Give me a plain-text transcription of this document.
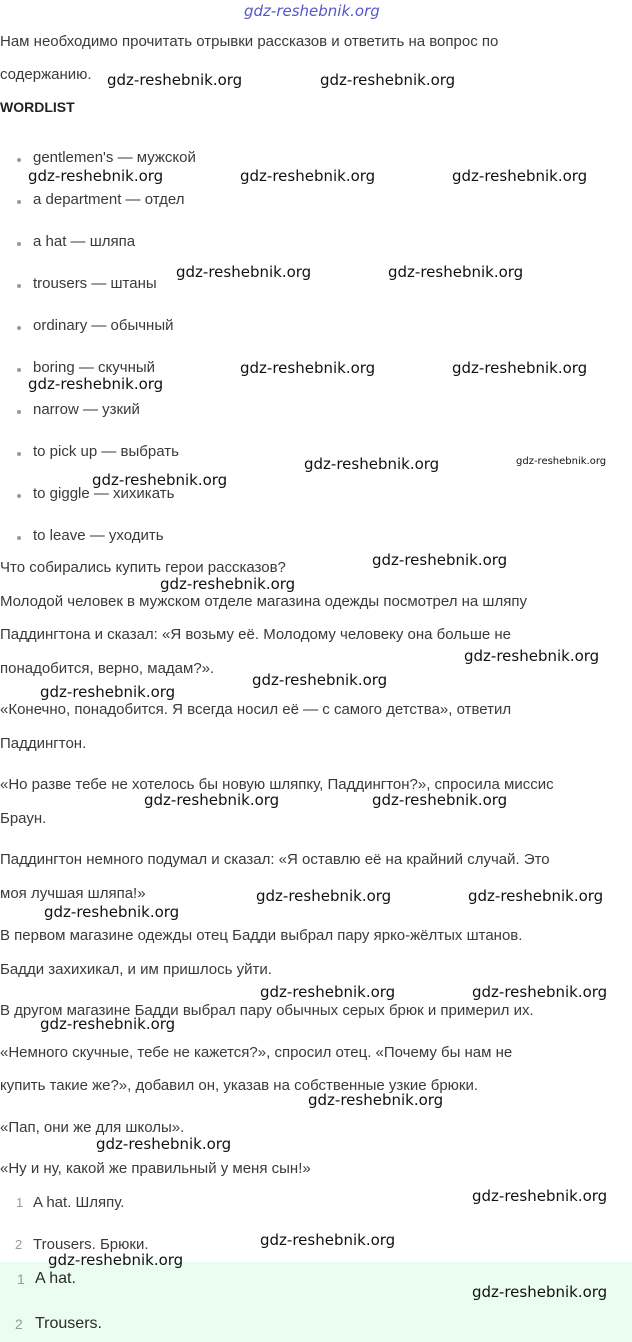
gdz-reshebnik.org
Нам необходимо прочитать отрывки рассказов и ответить на вопрос по
содержанию.
WORDLIST
gentlemen's — мужской
a department — отдел
a hat — шляпа
trousers — штаны
ordinary — обычный
boring — скучный
narrow — узкий
to pick up — выбрать
to giggle — хихикать
to leave — уходить
Что собирались купить герои рассказов?
Молодой человек в мужском отделе магазина одежды посмотрел на шляпу
Паддингтона и сказал: «Я возьму её. Молодому человеку она больше не
понадобится, верно, мадам?».
«Конечно, понадобится. Я всегда носил её — с самого детства», ответил
Паддингтон.
«Но разве тебе не хотелось бы новую шляпку, Паддингтон?», спросила миссис
Браун.
Паддингтон немного подумал и сказал: «Я оставлю её на крайний случай. Это
моя лучшая шляпа!»
В первом магазине одежды отец Бадди выбрал пару ярко-жёлтых штанов.
Бадди захихикал, и им пришлось уйти.
В другом магазине Бадди выбрал пару обычных серых брюк и примерил их.
«Немного скучные, тебе не кажется?», спросил отец. «Почему бы нам не
купить такие же?», добавил он, указав на собственные узкие брюки.
«Пап, они же для школы».
«Ну и ну, какой же правильный у меня сын!»
1 A hat. Шляпу.
2 Trousers. Брюки.
1 A hat.
2 Trousers.
gdz-reshebnik.org	gdz-reshebnik.org
gdz-reshebnik.org	gdz-reshebnik.org	gdz-reshebnik.org
gdz-reshebnik.org	gdz-reshebnik.org
gdz-reshebnik.org	gdz-reshebnik.org
gdz-reshebnik.org
gdz-reshebnik.org	gdz-reshebnik.org
gdz-reshebnik.org
gdz-reshebnik.org
gdz-reshebnik.org
gdz-reshebnik.org
gdz-reshebnik.org
gdz-reshebnik.org
gdz-reshebnik.org	gdz-reshebnik.org
gdz-reshebnik.org	gdz-reshebnik.org
gdz-reshebnik.org
gdz-reshebnik.org	gdz-reshebnik.org
gdz-reshebnik.org
gdz-reshebnik.org
gdz-reshebnik.org
gdz-reshebnik.org
gdz-reshebnik.org
gdz-reshebnik.org
gdz-reshebnik.org
